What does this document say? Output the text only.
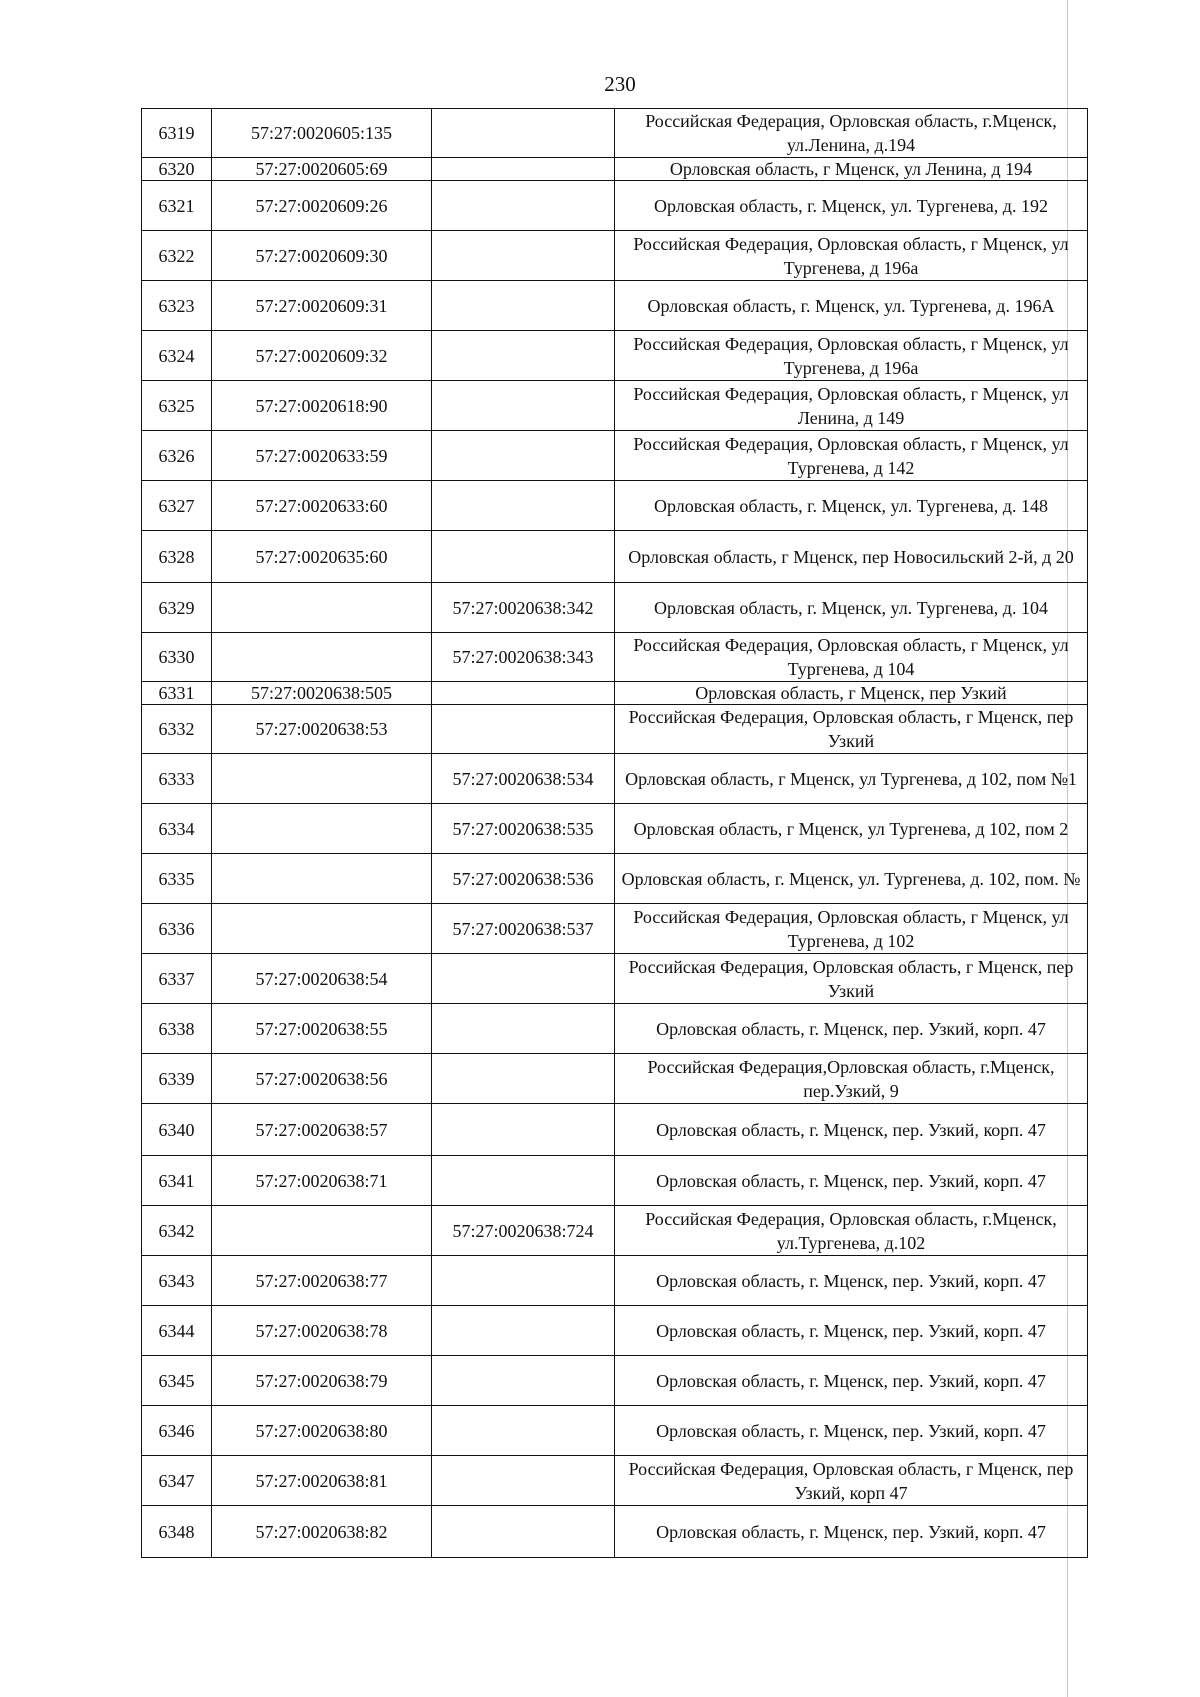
230
6319	57:27:0020605:135		Российская Федерация, Орловская область, г.Мценск, ул.Ленина, д.194
6320	57:27:0020605:69		Орловская область, г Мценск, ул Ленина, д 194
6321	57:27:0020609:26		Орловская область, г. Мценск, ул. Тургенева, д. 192
6322	57:27:0020609:30		Российская Федерация, Орловская область, г Мценск, ул Тургенева, д 196а
6323	57:27:0020609:31		Орловская область, г. Мценск, ул. Тургенева, д. 196А
6324	57:27:0020609:32		Российская Федерация, Орловская область, г Мценск, ул Тургенева, д 196а
6325	57:27:0020618:90		Российская Федерация, Орловская область, г Мценск, ул Ленина, д 149
6326	57:27:0020633:59		Российская Федерация, Орловская область, г Мценск, ул Тургенева, д 142
6327	57:27:0020633:60		Орловская область, г. Мценск, ул. Тургенева, д. 148
6328	57:27:0020635:60		Орловская область, г Мценск, пер Новосильский 2-й, д 20
6329		57:27:0020638:342	Орловская область, г. Мценск, ул. Тургенева, д. 104
6330		57:27:0020638:343	Российская Федерация, Орловская область, г Мценск, ул Тургенева, д 104
6331	57:27:0020638:505		Орловская область, г Мценск, пер Узкий
6332	57:27:0020638:53		Российская Федерация, Орловская область, г Мценск, пер Узкий
6333		57:27:0020638:534	Орловская область, г Мценск, ул Тургенева, д 102, пом №1
6334		57:27:0020638:535	Орловская область, г Мценск, ул Тургенева, д 102, пом 2
6335		57:27:0020638:536	Орловская область, г. Мценск, ул. Тургенева, д. 102, пом. №
6336		57:27:0020638:537	Российская Федерация, Орловская область, г Мценск, ул Тургенева, д 102
6337	57:27:0020638:54		Российская Федерация, Орловская область, г Мценск, пер Узкий
6338	57:27:0020638:55		Орловская область, г. Мценск, пер. Узкий, корп. 47
6339	57:27:0020638:56		Российская Федерация,Орловская область, г.Мценск, пер.Узкий, 9
6340	57:27:0020638:57		Орловская область, г. Мценск, пер. Узкий, корп. 47
6341	57:27:0020638:71		Орловская область, г. Мценск, пер. Узкий, корп. 47
6342		57:27:0020638:724	Российская Федерация, Орловская область, г.Мценск, ул.Тургенева, д.102
6343	57:27:0020638:77		Орловская область, г. Мценск, пер. Узкий, корп. 47
6344	57:27:0020638:78		Орловская область, г. Мценск, пер. Узкий, корп. 47
6345	57:27:0020638:79		Орловская область, г. Мценск, пер. Узкий, корп. 47
6346	57:27:0020638:80		Орловская область, г. Мценск, пер. Узкий, корп. 47
6347	57:27:0020638:81		Российская Федерация, Орловская область, г Мценск, пер Узкий, корп 47
6348	57:27:0020638:82		Орловская область, г. Мценск, пер. Узкий, корп. 47
